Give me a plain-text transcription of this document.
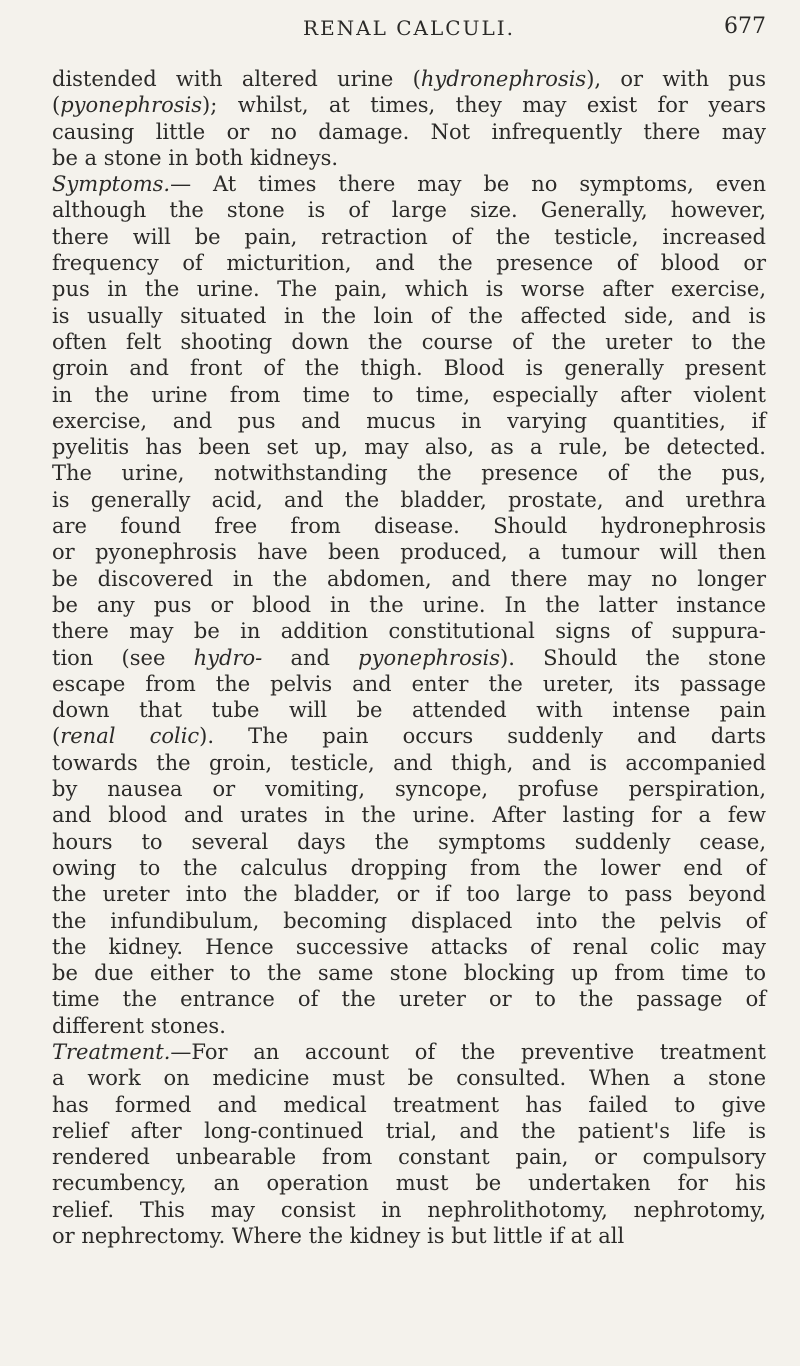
RENAL CALCULI.	677

distended with altered urine (hydronephrosis), or with pus
(pyonephrosis); whilst, at times, they may exist for years
causing little or no damage. Not infrequently there may
be a stone in both kidneys.

Symptoms.— At times there may be no symptoms, even
although the stone is of large size. Generally, however,
there will be pain, retraction of the testicle, increased
frequency of micturition, and the presence of blood or
pus in the urine. The pain, which is worse after exercise,
is usually situated in the loin of the affected side, and is
often felt shooting down the course of the ureter to the
groin and front of the thigh. Blood is generally present
in the urine from time to time, especially after violent
exercise, and pus and mucus in varying quantities, if
pyelitis has been set up, may also, as a rule, be detected.
The urine, notwithstanding the presence of the pus,
is generally acid, and the bladder, prostate, and urethra
are found free from disease. Should hydronephrosis
or pyonephrosis have been produced, a tumour will then
be discovered in the abdomen, and there may no longer
be any pus or blood in the urine. In the latter instance
there may be in addition constitutional signs of suppura-
tion (see hydro- and pyonephrosis). Should the stone
escape from the pelvis and enter the ureter, its passage
down that tube will be attended with intense pain
(renal colic). The pain occurs suddenly and darts
towards the groin, testicle, and thigh, and is accompanied
by nausea or vomiting, syncope, profuse perspiration,
and blood and urates in the urine. After lasting for a few
hours to several days the symptoms suddenly cease,
owing to the calculus dropping from the lower end of
the ureter into the bladder, or if too large to pass beyond
the infundibulum, becoming displaced into the pelvis of
the kidney. Hence successive attacks of renal colic may
be due either to the same stone blocking up from time to
time the entrance of the ureter or to the passage of
different stones.

Treatment.—For an account of the preventive treatment
a work on medicine must be consulted. When a stone
has formed and medical treatment has failed to give
relief after long-continued trial, and the patient's life is
rendered unbearable from constant pain, or compulsory
recumbency, an operation must be undertaken for his
relief. This may consist in nephrolithotomy, nephrotomy,
or nephrectomy. Where the kidney is but little if at all
